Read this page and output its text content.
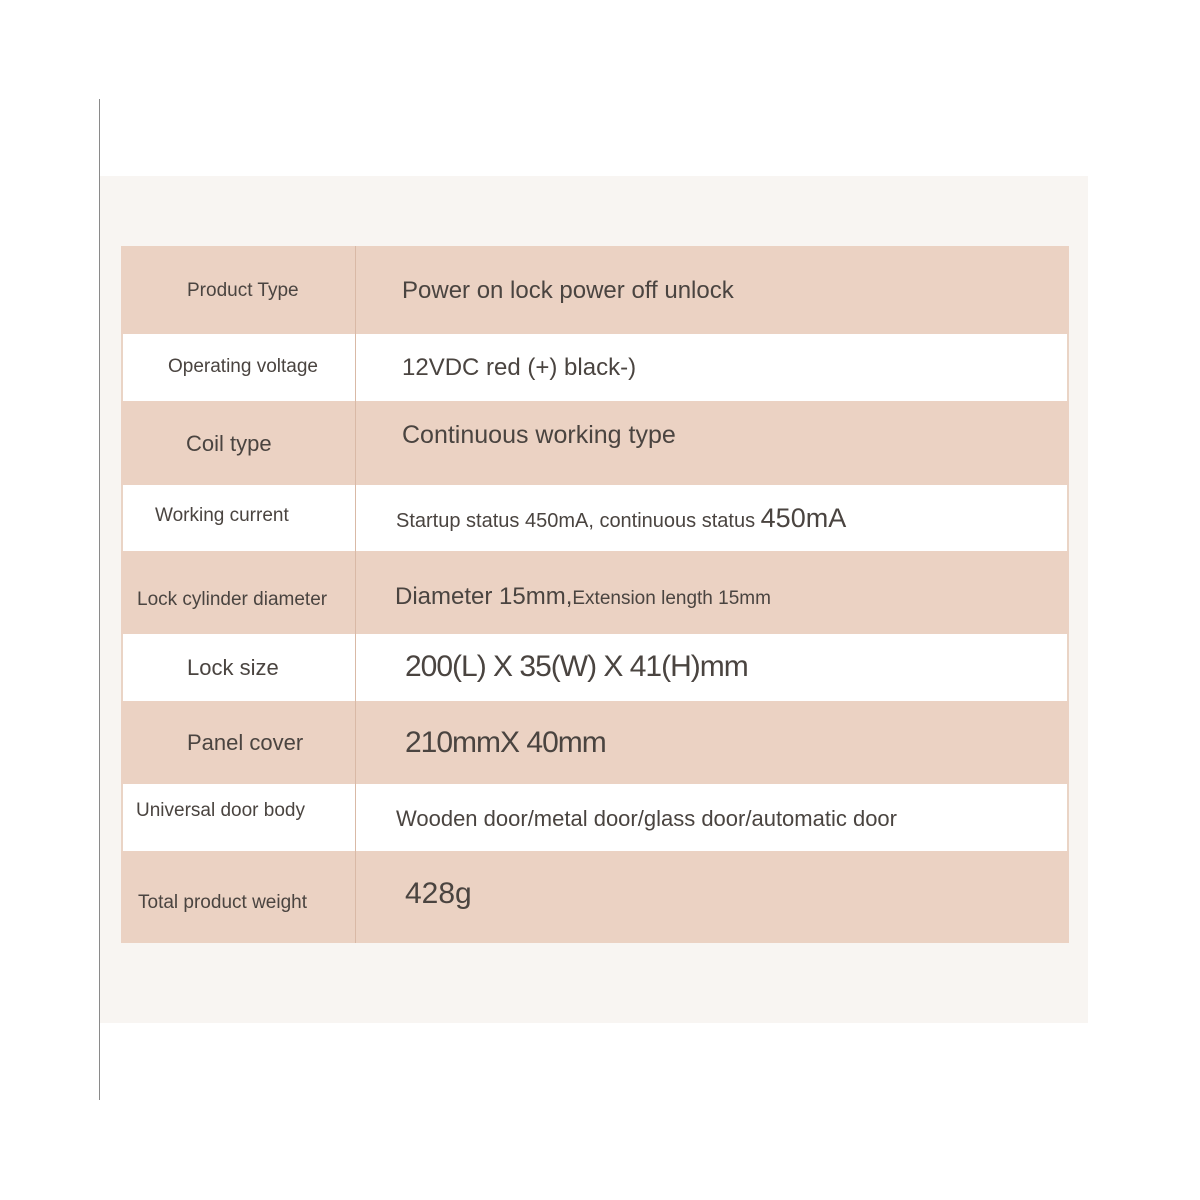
Product Type	Power on lock power off unlock
Operating voltage	12VDC red (+) black-)
Coil type	Continuous working type
Working current	Startup status 450mA, continuous status 450mA
Lock cylinder diameter	Diameter 15mm,Extension length 15mm
Lock size	200(L) X 35(W) X 41(H)mm
Panel cover	210mmX 40mm
Universal door body	Wooden door/metal door/glass door/automatic door
Total product weight	428g
